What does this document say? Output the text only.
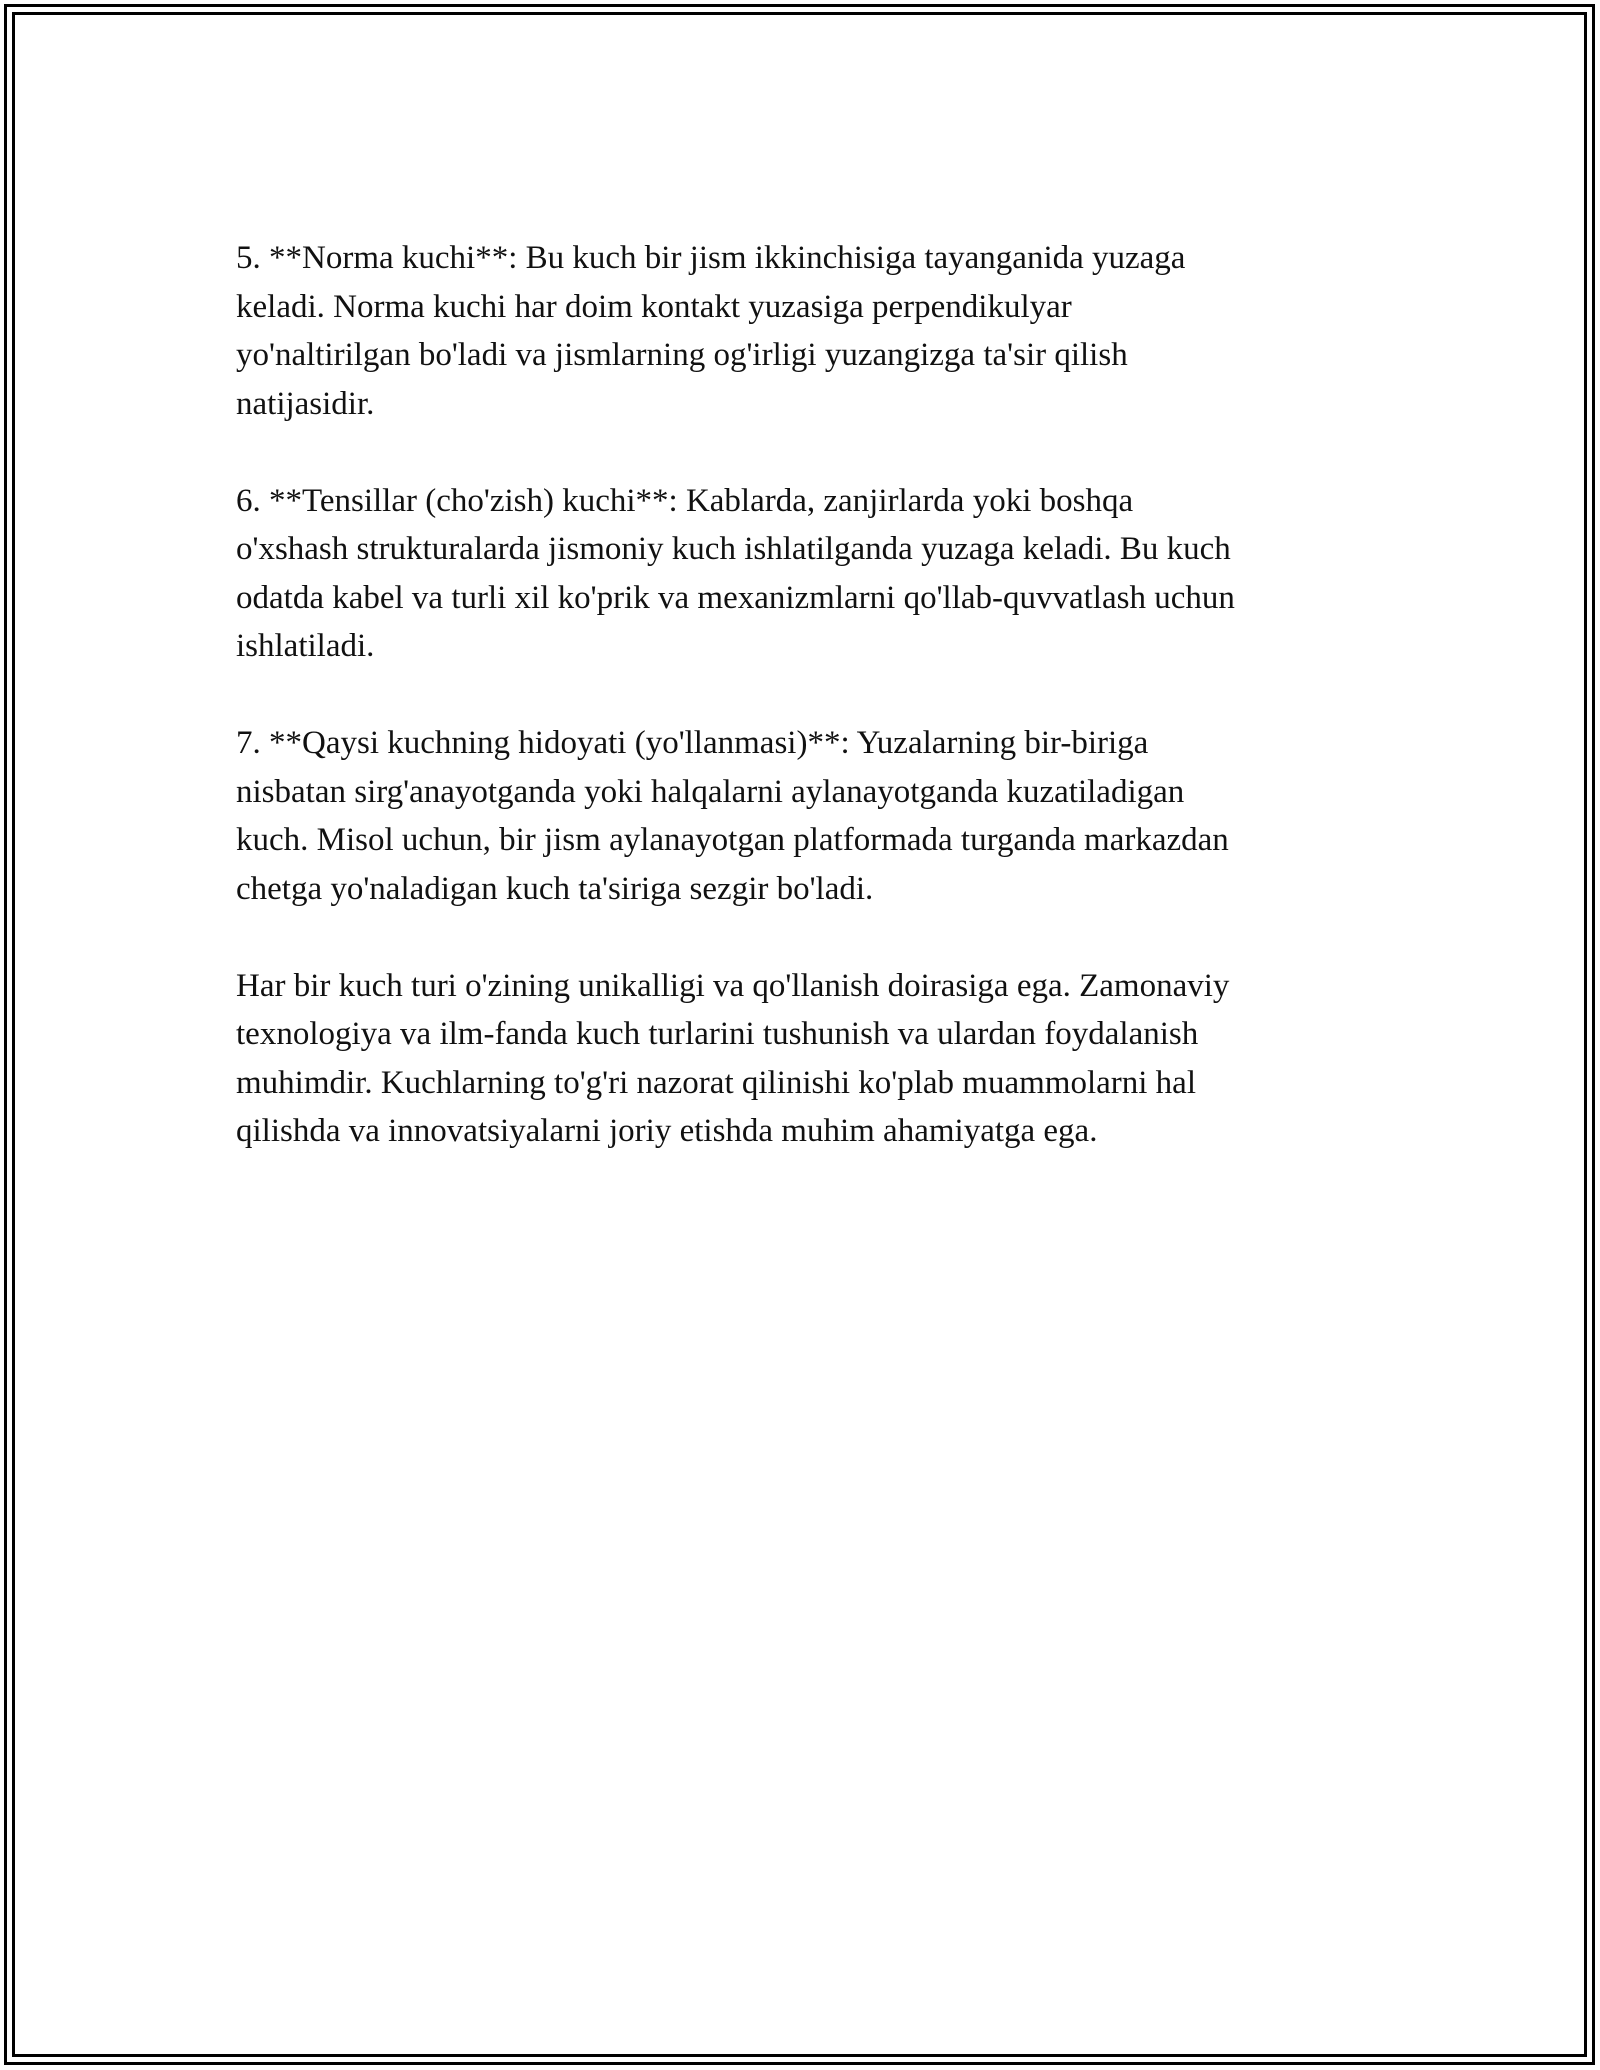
5. **Norma kuchi**: Bu kuch bir jism ikkinchisiga tayanganida yuzaga
keladi. Norma kuchi har doim kontakt yuzasiga perpendikulyar
yo'naltirilgan bo'ladi va jismlarning og'irligi yuzangizga ta'sir qilish
natijasidir.

6. **Tensillar (cho'zish) kuchi**: Kablarda, zanjirlarda yoki boshqa
o'xshash strukturalarda jismoniy kuch ishlatilganda yuzaga keladi. Bu kuch
odatda kabel va turli xil ko'prik va mexanizmlarni qo'llab-quvvatlash uchun
ishlatiladi.

7. **Qaysi kuchning hidoyati (yo'llanmasi)**: Yuzalarning bir-biriga
nisbatan sirg'anayotganda yoki halqalarni aylanayotganda kuzatiladigan
kuch. Misol uchun, bir jism aylanayotgan platformada turganda markazdan
chetga yo'naladigan kuch ta'siriga sezgir bo'ladi.

Har bir kuch turi o'zining unikalligi va qo'llanish doirasiga ega. Zamonaviy
texnologiya va ilm-fanda kuch turlarini tushunish va ulardan foydalanish
muhimdir. Kuchlarning to'g'ri nazorat qilinishi ko'plab muammolarni hal
qilishda va innovatsiyalarni joriy etishda muhim ahamiyatga ega.
